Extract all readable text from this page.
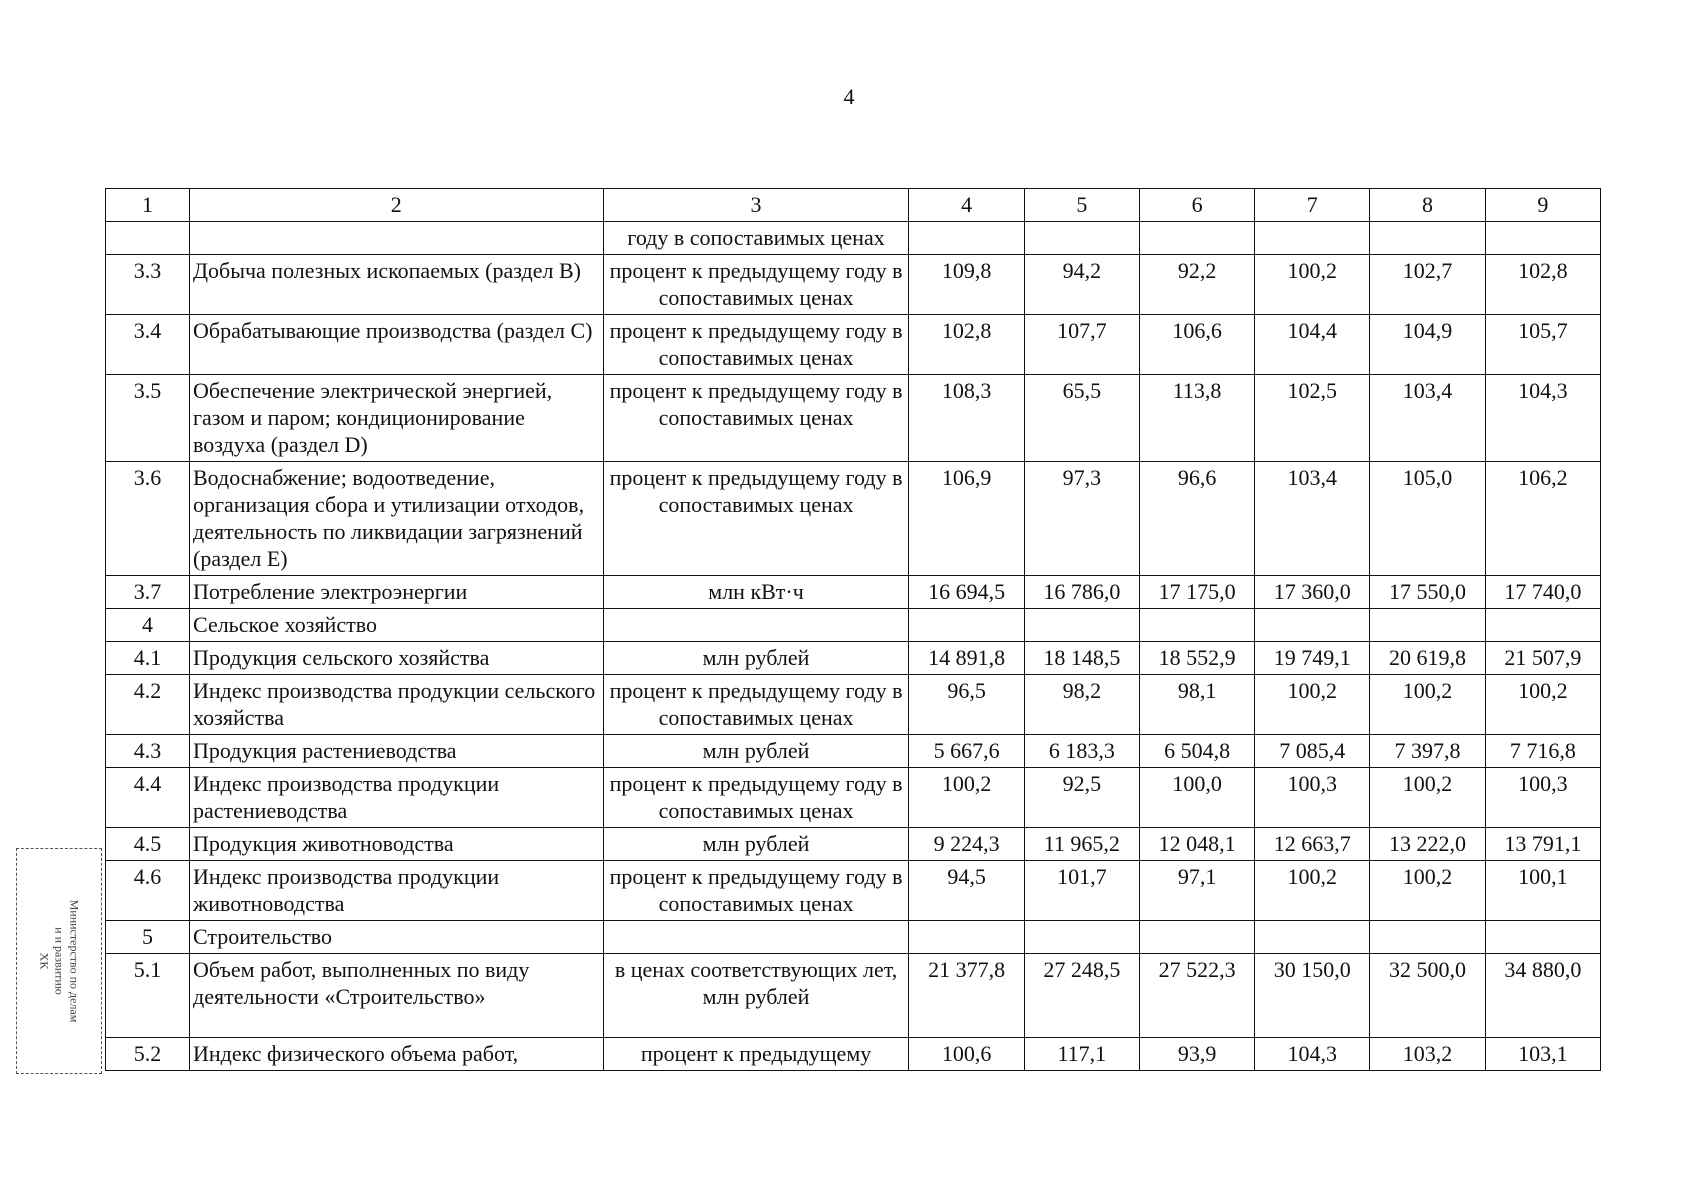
4
1	2	3	4	5	6	7	8	9
		году в сопоставимых ценах						
3.3	Добыча полезных ископаемых (раздел В)	процент к предыдущему году в сопоставимых ценах	109,8	94,2	92,2	100,2	102,7	102,8
3.4	Обрабатывающие производства (раздел С)	процент к предыдущему году в сопоставимых ценах	102,8	107,7	106,6	104,4	104,9	105,7
3.5	Обеспечение электрической энергией, газом и паром; кондиционирование воздуха (раздел D)	процент к предыдущему году в сопоставимых ценах	108,3	65,5	113,8	102,5	103,4	104,3
3.6	Водоснабжение; водоотведение, организация сбора и утилизации отходов, деятельность по ликвидации загрязнений (раздел Е)	процент к предыдущему году в сопоставимых ценах	106,9	97,3	96,6	103,4	105,0	106,2
3.7	Потребление электроэнергии	млн кВт·ч	16 694,5	16 786,0	17 175,0	17 360,0	17 550,0	17 740,0
4	Сельское хозяйство							
4.1	Продукция сельского хозяйства	млн рублей	14 891,8	18 148,5	18 552,9	19 749,1	20 619,8	21 507,9
4.2	Индекс производства продукции сельского хозяйства	процент к предыдущему году в сопоставимых ценах	96,5	98,2	98,1	100,2	100,2	100,2
4.3	Продукция растениеводства	млн рублей	5 667,6	6 183,3	6 504,8	7 085,4	7 397,8	7 716,8
4.4	Индекс производства продукции растениеводства	процент к предыдущему году в сопоставимых ценах	100,2	92,5	100,0	100,3	100,2	100,3
4.5	Продукция животноводства	млн рублей	9 224,3	11 965,2	12 048,1	12 663,7	13 222,0	13 791,1
4.6	Индекс производства продукции животноводства	процент к предыдущему году в сопоставимых ценах	94,5	101,7	97,1	100,2	100,2	100,1
5	Строительство							
5.1	Объем работ, выполненных по виду деятельности «Строительство»	в ценах соответствующих лет, млн рублей	21 377,8	27 248,5	27 522,3	30 150,0	32 500,0	34 880,0
5.2	Индекс физического объема работ,	процент к предыдущему	100,6	117,1	93,9	104,3	103,2	103,1
Министерство по делам
и и развитию
ХК
